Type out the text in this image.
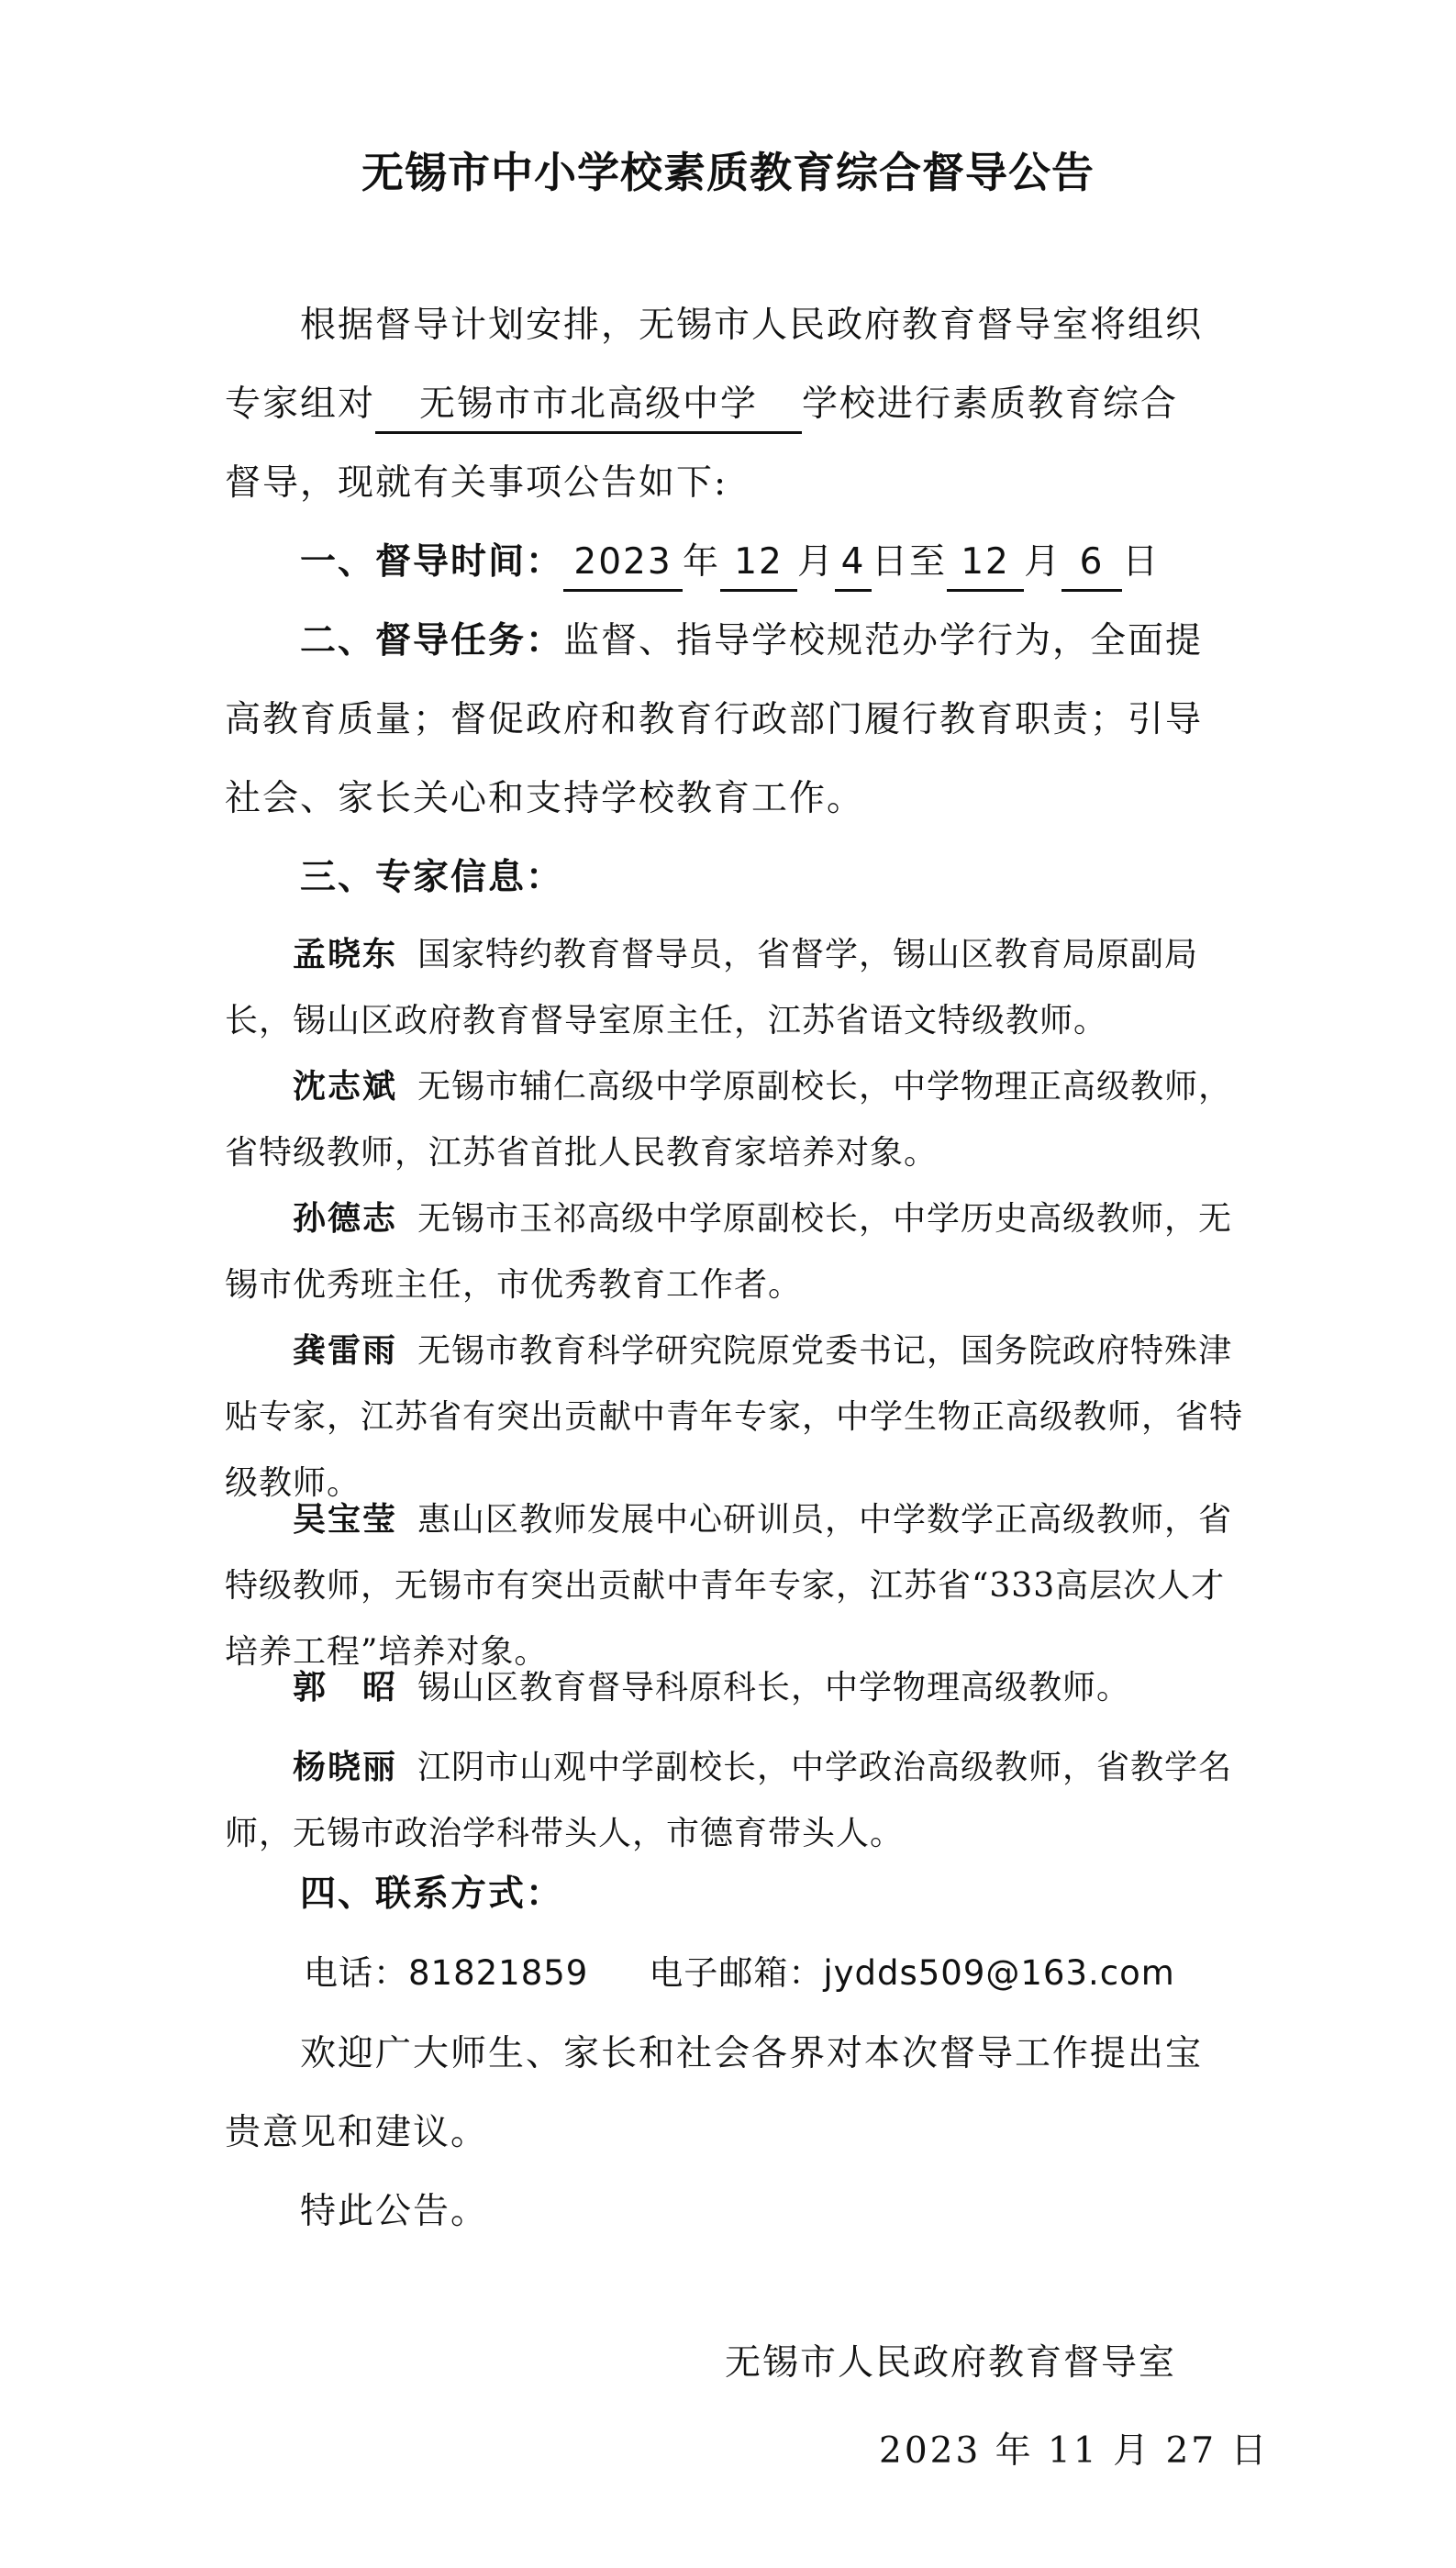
无锡市中小学校素质教育综合督导公告
根据督导计划安排，无锡市人民政府教育督导室将组织
专家组对 无锡市市北高级中学 学校进行素质教育综合
督导，现就有关事项公告如下:
一、督导时间： 2023 年 12 月 4 日至 12 月 6 日
二、督导任务：监督、指导学校规范办学行为，全面提
高教育质量；督促政府和教育行政部门履行教育职责；引导
社会、家长关心和支持学校教育工作。
三、专家信息：
孟晓东 国家特约教育督导员，省督学，锡山区教育局原副局长，锡山区政府教育督导室原主任，江苏省语文特级教师。
沈志斌 无锡市辅仁高级中学原副校长，中学物理正高级教师，省特级教师，江苏省首批人民教育家培养对象。
孙德志 无锡市玉祁高级中学原副校长，中学历史高级教师，无锡市优秀班主任，市优秀教育工作者。
龚雷雨 无锡市教育科学研究院原党委书记，国务院政府特殊津贴专家，江苏省有突出贡献中青年专家，中学生物正高级教师，省特级教师。
吴宝莹 惠山区教师发展中心研训员，中学数学正高级教师，省特级教师，无锡市有突出贡献中青年专家，江苏省“333高层次人才培养工程”培养对象。
郭　昭 锡山区教育督导科原科长，中学物理高级教师。
杨晓丽 江阴市山观中学副校长，中学政治高级教师，省教学名师，无锡市政治学科带头人，市德育带头人。
四、联系方式：
电话：81821859 电子邮箱：jydds509@163.com
欢迎广大师生、家长和社会各界对本次督导工作提出宝
贵意见和建议。
特此公告。
无锡市人民政府教育督导室
2023 年 11 月 27 日
